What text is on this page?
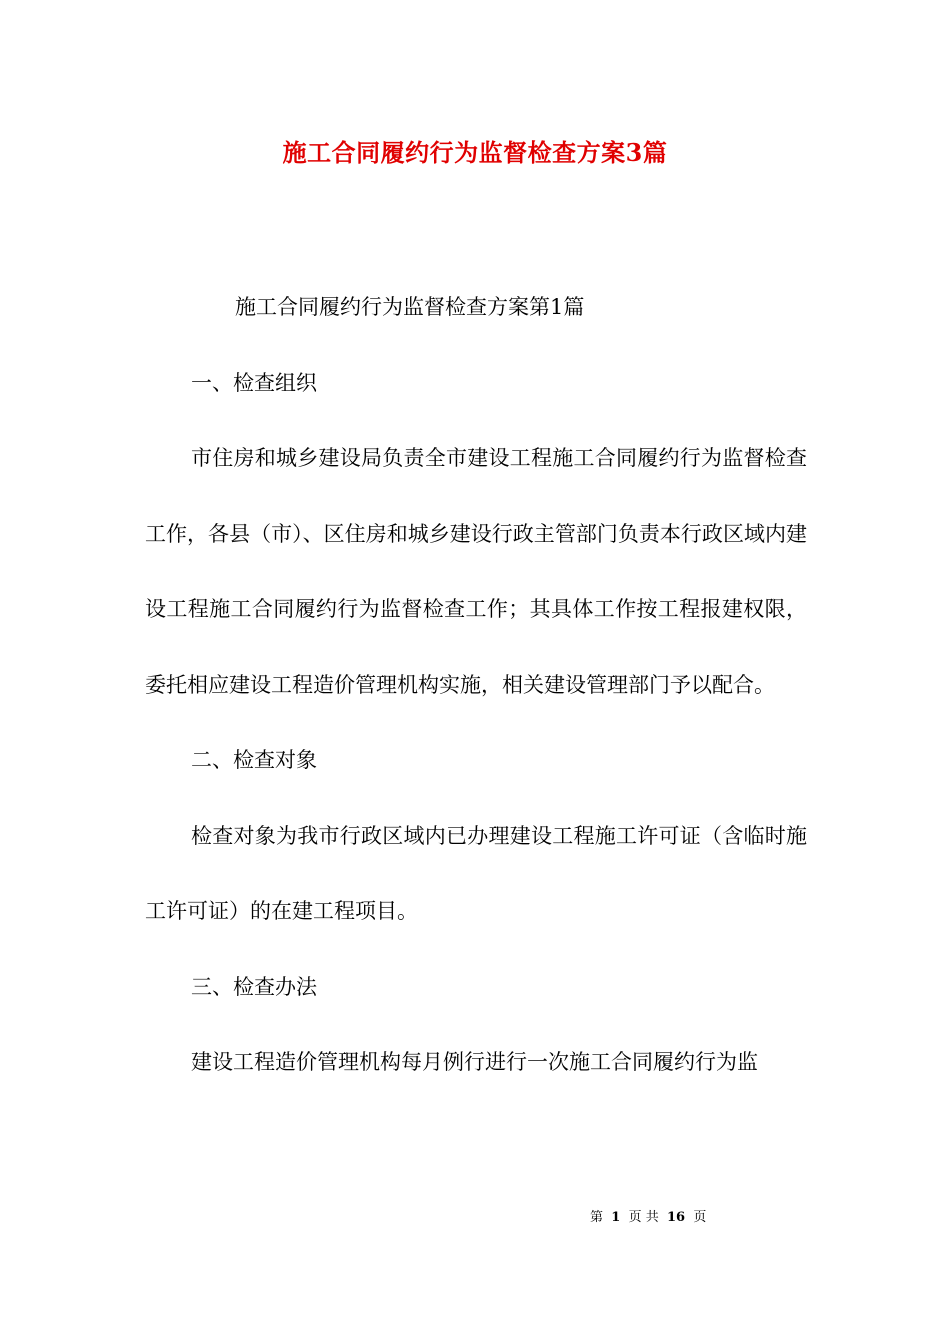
施工合同履约行为监督检查方案3篇

施工合同履约行为监督检查方案第1篇

一、检查组织

市住房和城乡建设局负责全市建设工程施工合同履约行为监督检查工作，各县（市）、区住房和城乡建设行政主管部门负责本行政区域内建设工程施工合同履约行为监督检查工作；其具体工作按工程报建权限，委托相应建设工程造价管理机构实施，相关建设管理部门予以配合。

二、检查对象

检查对象为我市行政区域内已办理建设工程施工许可证（含临时施工许可证）的在建工程项目。

三、检查办法

建设工程造价管理机构每月例行进行一次施工合同履约行为监

第 1 页 共 16 页
